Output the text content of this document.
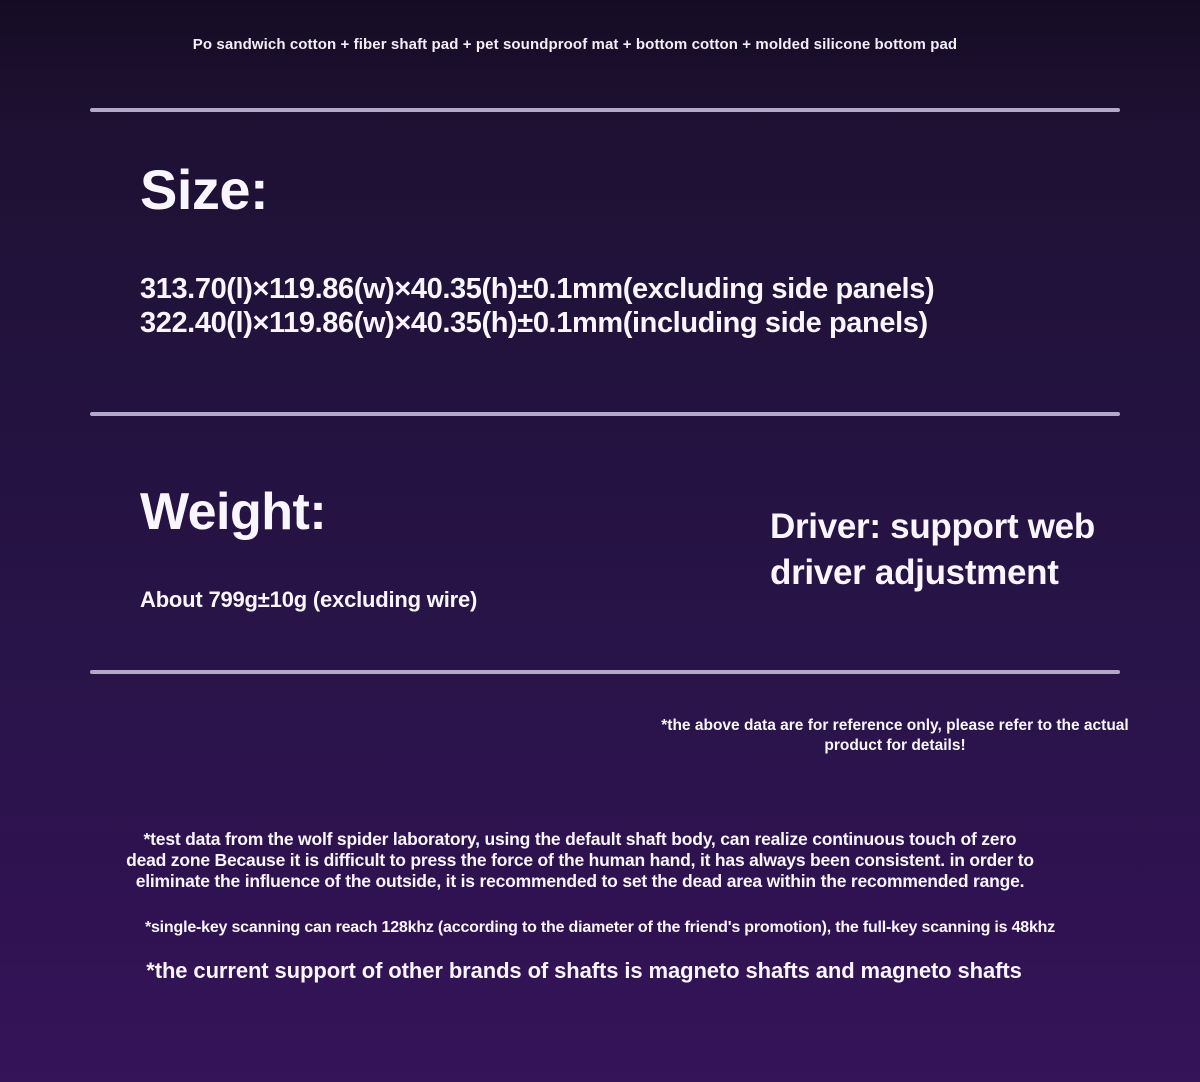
Po sandwich cotton + fiber shaft pad + pet soundproof mat + bottom cotton + molded silicone bottom pad
Size:
313.70(l)×119.86(w)×40.35(h)±0.1mm(excluding side panels)
322.40(l)×119.86(w)×40.35(h)±0.1mm(including side panels)
Weight:	Driver: support web
driver adjustment
About 799g±10g (excluding wire)
*the above data are for reference only, please refer to the actual
product for details!
*test data from the wolf spider laboratory, using the default shaft body, can realize continuous touch of zero
dead zone Because it is difficult to press the force of the human hand, it has always been consistent. in order to
eliminate the influence of the outside, it is recommended to set the dead area within the recommended range.
*single-key scanning can reach 128khz (according to the diameter of the friend's promotion), the full-key scanning is 48khz
*the current support of other brands of shafts is magneto shafts and magneto shafts
